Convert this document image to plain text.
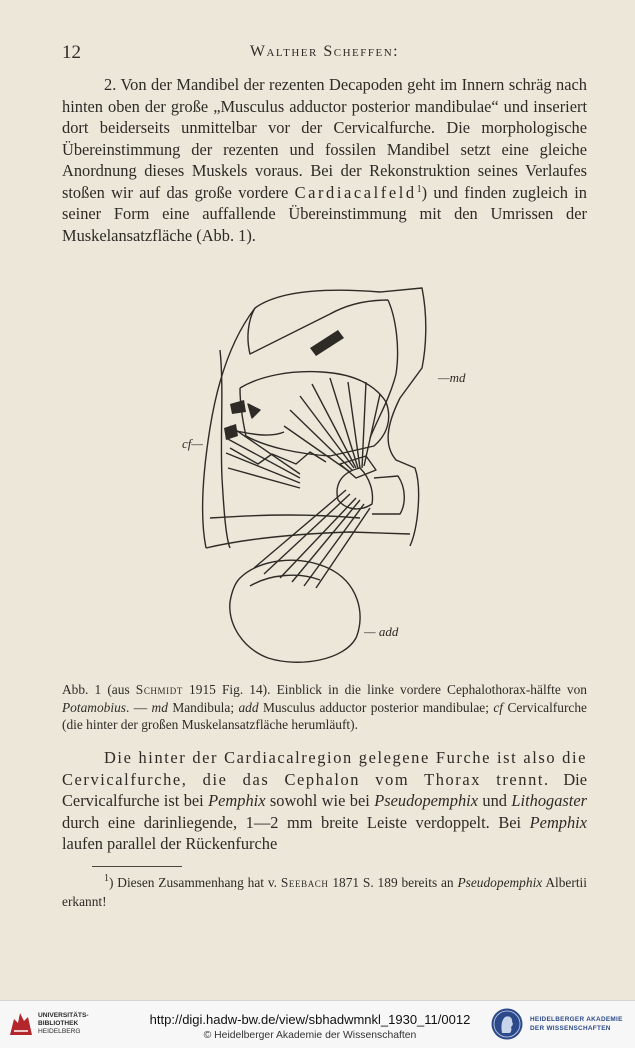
12	Walther Scheffen:

2. Von der Mandibel der rezenten Decapoden geht im Innern schräg nach hinten oben der große „Musculus adductor posterior mandibulae“ und inseriert dort beiderseits unmittelbar vor der Cervicalfurche. Die morphologische Übereinstimmung der rezenten und fossilen Mandibel setzt eine gleiche Anordnung dieses Muskels voraus. Bei der Rekonstruktion seines Verlaufes stoßen wir auf das große vordere Cardiacalfeld$^1$) und finden zugleich in seiner Form eine auffallende Übereinstimmung mit den Umrissen der Muskelansatzfläche (Abb. 1).

—md
cf—
— add

Abb. 1 (aus Schmidt 1915 Fig. 14). Einblick in die linke vordere Cephalothorax-hälfte von Potamobius. — md Mandibula; add Musculus adductor posterior mandibulae; cf Cervicalfurche (die hinter der großen Muskelansatzfläche herumläuft).

Die hinter der Cardiacalregion gelegene Furche ist also die Cervicalfurche, die das Cephalon vom Thorax trennt. Die Cervicalfurche ist bei Pemphix sowohl wie bei Pseudopemphix und Lithogaster durch eine darinliegende, 1—2 mm breite Leiste verdoppelt. Bei Pemphix laufen parallel der Rückenfurche

$^1$) Diesen Zusammenhang hat v. Seebach 1871 S. 189 bereits an Pseudopemphix Albertii erkannt!

UNIVERSITÄTS-
BIBLIOTHEK
HEIDELBERG
http://digi.hadw-bw.de/view/sbhadwmnkl_1930_11/0012
© Heidelberger Akademie der Wissenschaften
HEIDELBERGER AKADEMIE
DER WISSENSCHAFTEN
